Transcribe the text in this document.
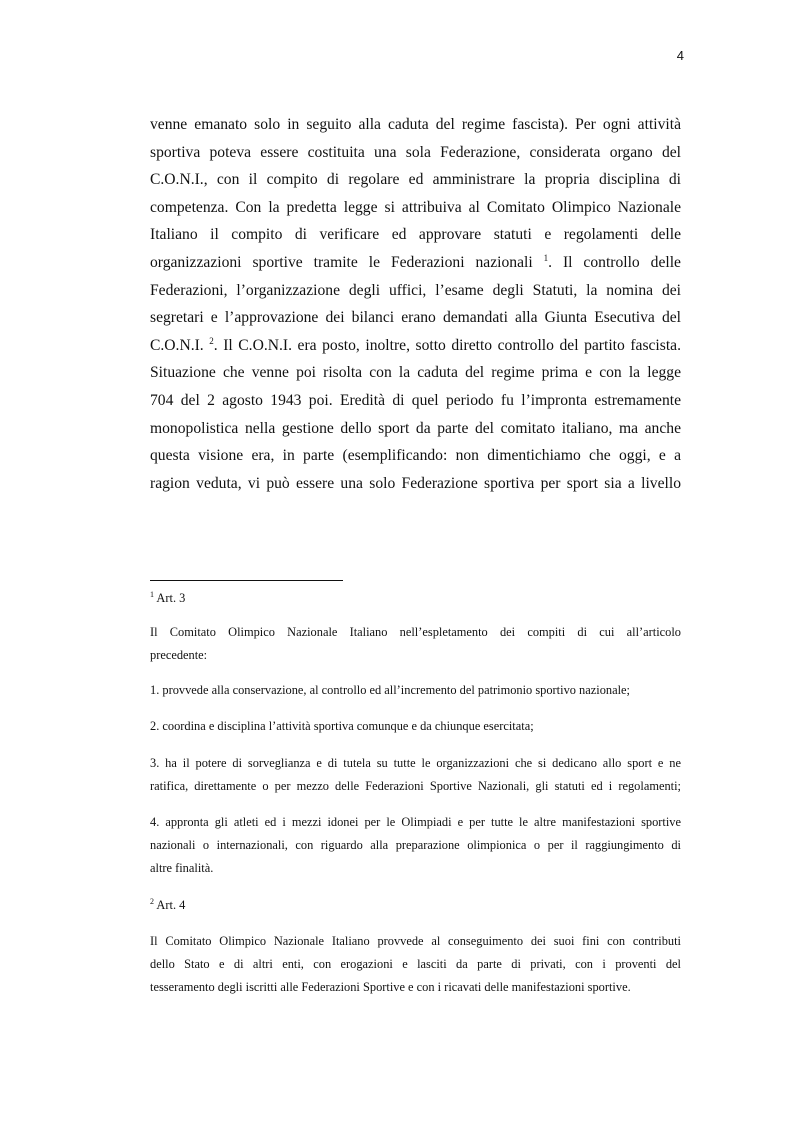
4
venne emanato solo in seguito alla caduta del regime fascista). Per ogni attività
sportiva poteva essere costituita una sola Federazione, considerata organo del
C.O.N.I., con il compito di regolare ed amministrare la propria disciplina di
competenza. Con la predetta legge si attribuiva al Comitato Olimpico Nazionale
Italiano il compito di verificare ed approvare statuti e regolamenti delle
organizzazioni sportive tramite le Federazioni nazionali $^1$. Il controllo delle
Federazioni, l’organizzazione degli uffici, l’esame degli Statuti, la nomina dei
segretari e l’approvazione dei bilanci erano demandati alla Giunta Esecutiva del
C.O.N.I. $^2$. Il C.O.N.I. era posto, inoltre, sotto diretto controllo del partito fascista.
Situazione che venne poi risolta con la caduta del regime prima e con la legge
704 del 2 agosto 1943 poi. Eredità di quel periodo fu l’impronta estremamente
monopolistica nella gestione dello sport da parte del comitato italiano, ma anche
questa visione era, in parte (esemplificando: non dimentichiamo che oggi, e a
ragion veduta, vi può essere una solo Federazione sportiva per sport sia a livello
$^1$ Art. 3
Il Comitato Olimpico Nazionale Italiano nell’espletamento dei compiti di cui all’articolo
precedente:
1. provvede alla conservazione, al controllo ed all’incremento del patrimonio sportivo nazionale;
2. coordina e disciplina l’attività sportiva comunque e da chiunque esercitata;
3. ha il potere di sorveglianza e di tutela su tutte le organizzazioni che si dedicano allo sport e ne
ratifica, direttamente o per mezzo delle Federazioni Sportive Nazionali, gli statuti ed i regolamenti;
4. appronta gli atleti ed i mezzi idonei per le Olimpiadi e per tutte le altre manifestazioni sportive
nazionali o internazionali, con riguardo alla preparazione olimpionica o per il raggiungimento di
altre finalità.
$^2$ Art. 4
Il Comitato Olimpico Nazionale Italiano provvede al conseguimento dei suoi fini con contributi
dello Stato e di altri enti, con erogazioni e lasciti da parte di privati, con i proventi del
tesseramento degli iscritti alle Federazioni Sportive e con i ricavati delle manifestazioni sportive.
